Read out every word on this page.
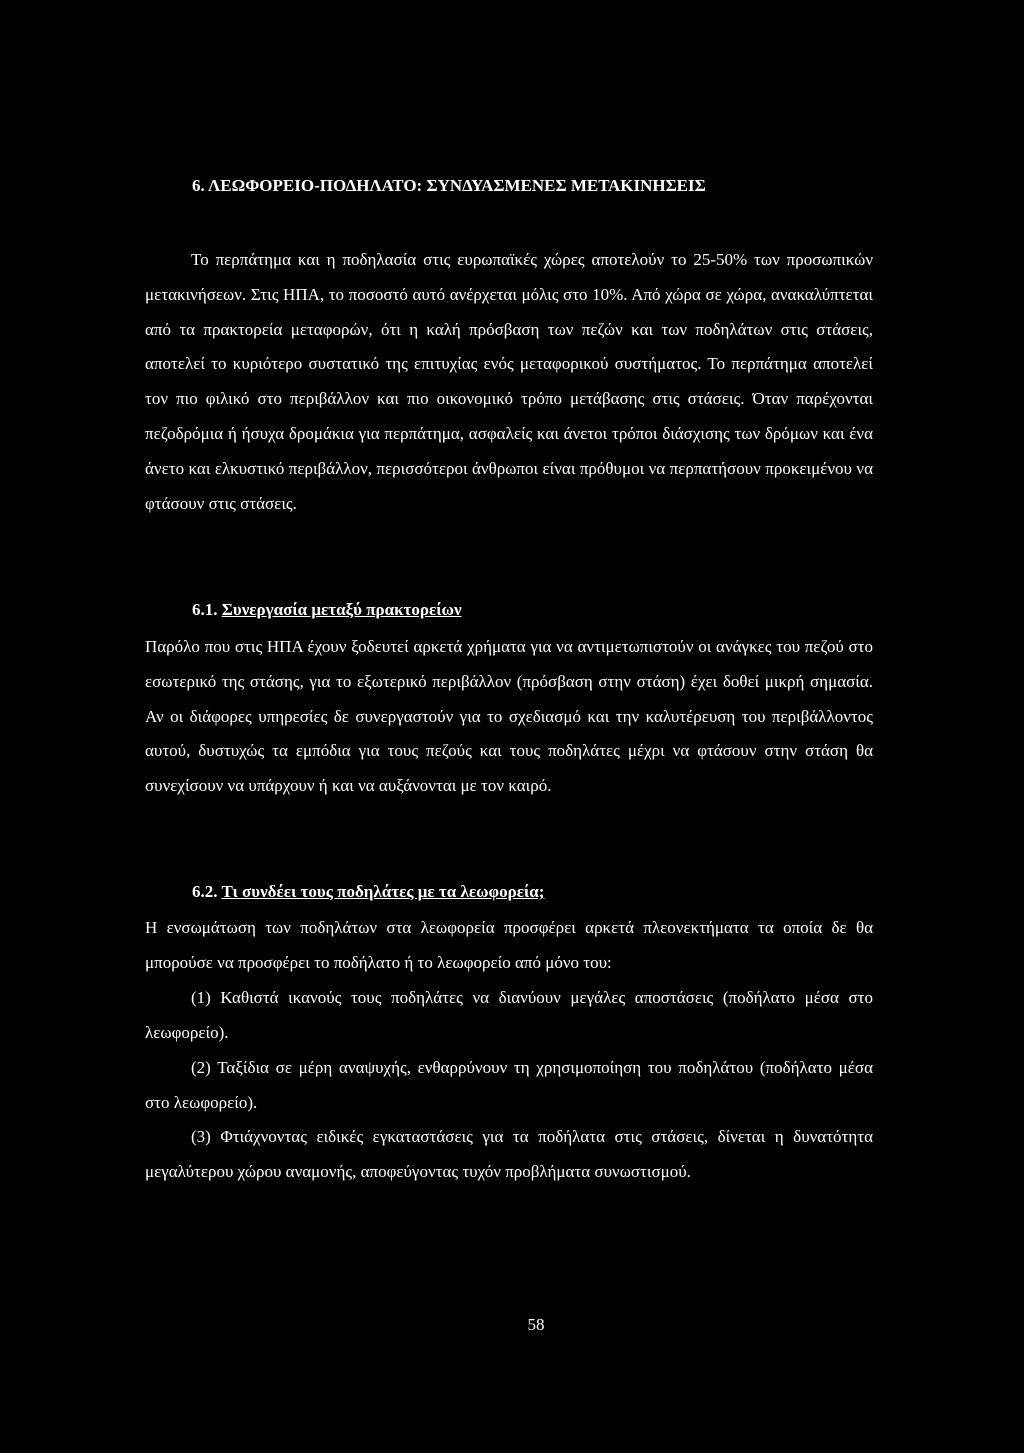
6. ΛΕΩΦΟΡΕΙΟ-ΠΟΔΗΛΑΤΟ: ΣΥΝΔΥΑΣΜΕΝΕΣ ΜΕΤΑΚΙΝΗΣΕΙΣ

Το περπάτημα και η ποδηλασία στις ευρωπαϊκές χώρες αποτελούν το 25-50% των προσωπικών μετακινήσεων. Στις ΗΠΑ, το ποσοστό αυτό ανέρχεται μόλις στο 10%. Από χώρα σε χώρα, ανακαλύπτεται από τα πρακτορεία μεταφορών, ότι η καλή πρόσβαση των πεζών και των ποδηλάτων στις στάσεις, αποτελεί το κυριότερο συστατικό της επιτυχίας ενός μεταφορικού συστήματος. Το περπάτημα αποτελεί τον πιο φιλικό στο περιβάλλον και πιο οικονομικό τρόπο μετάβασης στις στάσεις. Όταν παρέχονται πεζοδρόμια ή ήσυχα δρομάκια για περπάτημα, ασφαλείς και άνετοι τρόποι διάσχισης των δρόμων και ένα άνετο και ελκυστικό περιβάλλον, περισσότεροι άνθρωποι είναι πρόθυμοι να περπατήσουν προκειμένου να φτάσουν στις στάσεις.

6.1. Συνεργασία μεταξύ πρακτορείων

Παρόλο που στις ΗΠΑ έχουν ξοδευτεί αρκετά χρήματα για να αντιμετωπιστούν οι ανάγκες του πεζού στο εσωτερικό της στάσης, για το εξωτερικό περιβάλλον (πρόσβαση στην στάση) έχει δοθεί μικρή σημασία. Αν οι διάφορες υπηρεσίες δε συνεργαστούν για το σχεδιασμό και την καλυτέρευση του περιβάλλοντος αυτού, δυστυχώς τα εμπόδια για τους πεζούς και τους ποδηλάτες μέχρι να φτάσουν στην στάση θα συνεχίσουν να υπάρχουν ή και να αυξάνονται με τον καιρό.

6.2. Τι συνδέει τους ποδηλάτες με τα λεωφορεία;

Η ενσωμάτωση των ποδηλάτων στα λεωφορεία προσφέρει αρκετά πλεονεκτήματα τα οποία δε θα μπορούσε να προσφέρει το ποδήλατο ή το λεωφορείο από μόνο του:

(1) Καθιστά ικανούς τους ποδηλάτες να διανύουν μεγάλες αποστάσεις (ποδήλατο μέσα στο λεωφορείο).

(2) Ταξίδια σε μέρη αναψυχής, ενθαρρύνουν τη χρησιμοποίηση του ποδηλάτου (ποδήλατο μέσα στο λεωφορείο).

(3) Φτιάχνοντας ειδικές εγκαταστάσεις για τα ποδήλατα στις στάσεις, δίνεται η δυνατότητα μεγαλύτερου χώρου αναμονής, αποφεύγοντας τυχόν προβλήματα συνωστισμού.

58
